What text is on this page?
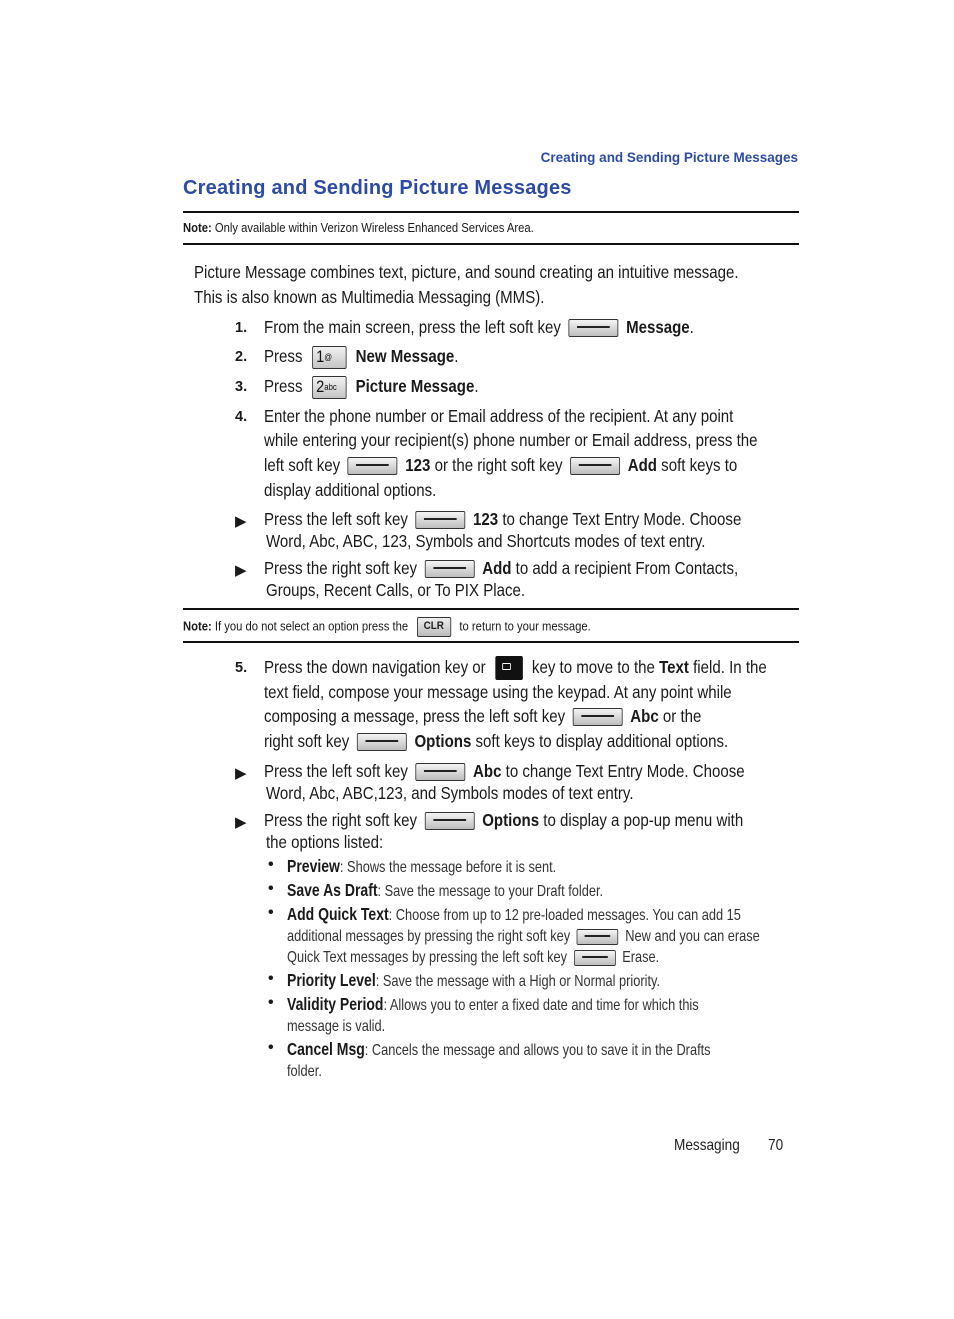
Creating and Sending Picture Messages
Creating and Sending Picture Messages
Note: Only available within Verizon Wireless Enhanced Services Area.
Picture Message combines text, picture, and sound creating an intuitive message.
This is also known as Multimedia Messaging (MMS).
1. From the main screen, press the left soft key	Message.
2. Press 1@ New Message.
3. Press $2^{abc}$ Picture Message.
4. Enter the phone number or Email address of the recipient. At any point
while entering your recipient(s) phone number or Email address, press the
left soft key	123 or the right soft key	Add soft keys to
display additional options.
▶ Press the left soft key	123 to change Text Entry Mode. Choose
Word, Abc, ABC, 123, Symbols and Shortcuts modes of text entry.
▶ Press the right soft key	Add to add a recipient From Contacts,
Groups, Recent Calls, or To PIX Place.
Note: If you do not select an option press the CLR to return to your message.
5. Press the down navigation key or	key to move to the Text field. In the
text field, compose your message using the keypad. At any point while
composing a message, press the left soft key	Abc or the
right soft key	Options soft keys to display additional options.
▶ Press the left soft key	Abc to change Text Entry Mode. Choose
Word, Abc, ABC,123, and Symbols modes of text entry.
▶ Press the right soft key	Options to display a pop-up menu with
the options listed:
• Preview: Shows the message before it is sent.
• Save As Draft: Save the message to your Draft folder.
• Add Quick Text: Choose from up to 12 pre-loaded messages. You can add 15
additional messages by pressing the right soft key	New and you can erase
Quick Text messages by pressing the left soft key	Erase.
• Priority Level: Save the message with a High or Normal priority.
• Validity Period: Allows you to enter a fixed date and time for which this
message is valid.
• Cancel Msg: Cancels the message and allows you to save it in the Drafts
folder.
Messaging 70
